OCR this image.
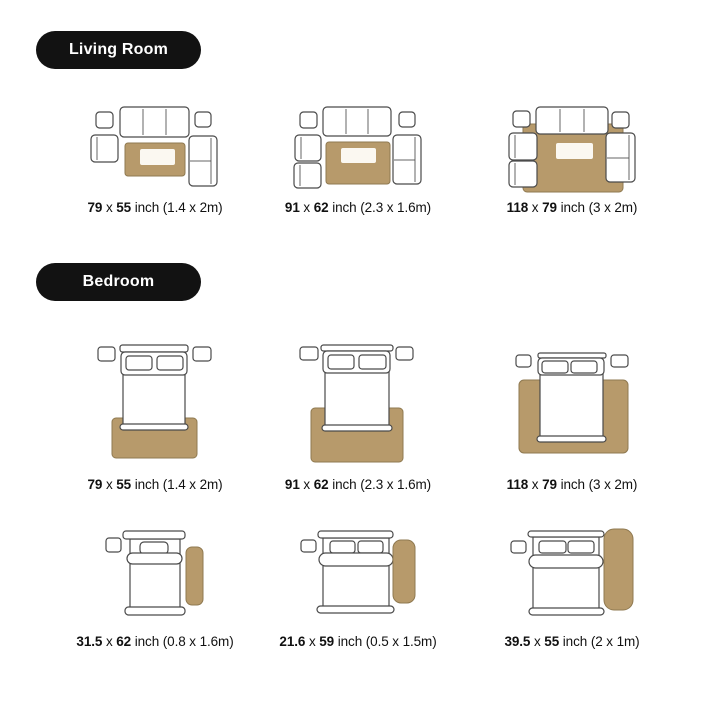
Living Room
79 x 55 inch (1.4 x 2m)	91 x 62 inch (2.3 x 1.6m)	118 x 79 inch (3 x 2m)
Bedroom
79 x 55 inch (1.4 x 2m)	91 x 62 inch (2.3 x 1.6m)	118 x 79 inch (3 x 2m)
31.5 x 62 inch (0.8 x 1.6m)	21.6 x 59 inch (0.5 x 1.5m)	39.5 x 55 inch (2 x 1m)
